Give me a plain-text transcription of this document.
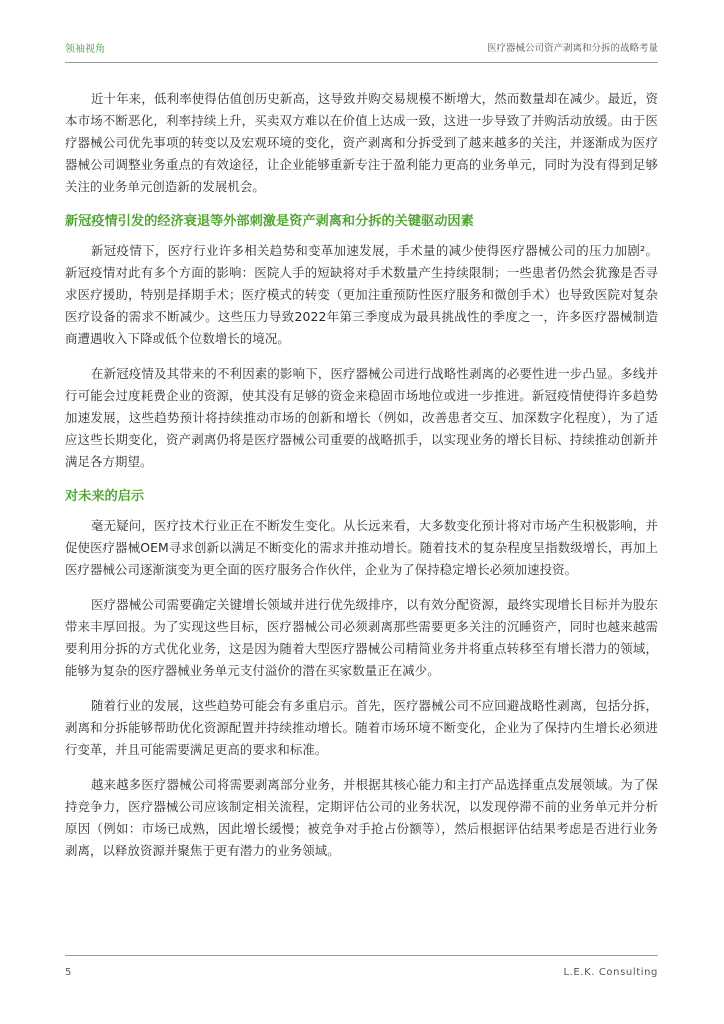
领袖视角	医疗器械公司资产剥离和分拆的战略考量

近十年来，低利率使得估值创历史新高，这导致并购交易规模不断增大，然而数量却在减少。最近，资本市场不断恶化，利率持续上升，买卖双方难以在价值上达成一致，这进一步导致了并购活动放缓。由于医疗器械公司优先事项的转变以及宏观环境的变化，资产剥离和分拆受到了越来越多的关注，并逐渐成为医疗器械公司调整业务重点的有效途径，让企业能够重新专注于盈利能力更高的业务单元，同时为没有得到足够关注的业务单元创造新的发展机会。

新冠疫情引发的经济衰退等外部刺激是资产剥离和分拆的关键驱动因素

新冠疫情下，医疗行业许多相关趋势和变革加速发展，手术量的减少使得医疗器械公司的压力加剧²。新冠疫情对此有多个方面的影响：医院人手的短缺将对手术数量产生持续限制；一些患者仍然会犹豫是否寻求医疗援助，特别是择期手术；医疗模式的转变（更加注重预防性医疗服务和微创手术）也导致医院对复杂医疗设备的需求不断减少。这些压力导致2022年第三季度成为最具挑战性的季度之一，许多医疗器械制造商遭遇收入下降或低个位数增长的境况。

在新冠疫情及其带来的不利因素的影响下，医疗器械公司进行战略性剥离的必要性进一步凸显。多线并行可能会过度耗费企业的资源，使其没有足够的资金来稳固市场地位或进一步推进。新冠疫情使得许多趋势加速发展，这些趋势预计将持续推动市场的创新和增长（例如，改善患者交互、加深数字化程度），为了适应这些长期变化，资产剥离仍将是医疗器械公司重要的战略抓手，以实现业务的增长目标、持续推动创新并满足各方期望。

对未来的启示

毫无疑问，医疗技术行业正在不断发生变化。从长远来看，大多数变化预计将对市场产生积极影响，并促使医疗器械OEM寻求创新以满足不断变化的需求并推动增长。随着技术的复杂程度呈指数级增长，再加上医疗器械公司逐渐演变为更全面的医疗服务合作伙伴，企业为了保持稳定增长必须加速投资。

医疗器械公司需要确定关键增长领域并进行优先级排序，以有效分配资源，最终实现增长目标并为股东带来丰厚回报。为了实现这些目标，医疗器械公司必须剥离那些需要更多关注的沉睡资产，同时也越来越需要利用分拆的方式优化业务，这是因为随着大型医疗器械公司精简业务并将重点转移至有增长潜力的领域，能够为复杂的医疗器械业务单元支付溢价的潜在买家数量正在减少。

随着行业的发展，这些趋势可能会有多重启示。首先，医疗器械公司不应回避战略性剥离，包括分拆，剥离和分拆能够帮助优化资源配置并持续推动增长。随着市场环境不断变化，企业为了保持内生增长必须进行变革，并且可能需要满足更高的要求和标准。

越来越多医疗器械公司将需要剥离部分业务，并根据其核心能力和主打产品选择重点发展领域。为了保持竞争力，医疗器械公司应该制定相关流程，定期评估公司的业务状况，以发现停滞不前的业务单元并分析原因（例如：市场已成熟，因此增长缓慢；被竞争对手抢占份额等），然后根据评估结果考虑是否进行业务剥离，以释放资源并聚焦于更有潜力的业务领域。

5	L.E.K. Consulting
